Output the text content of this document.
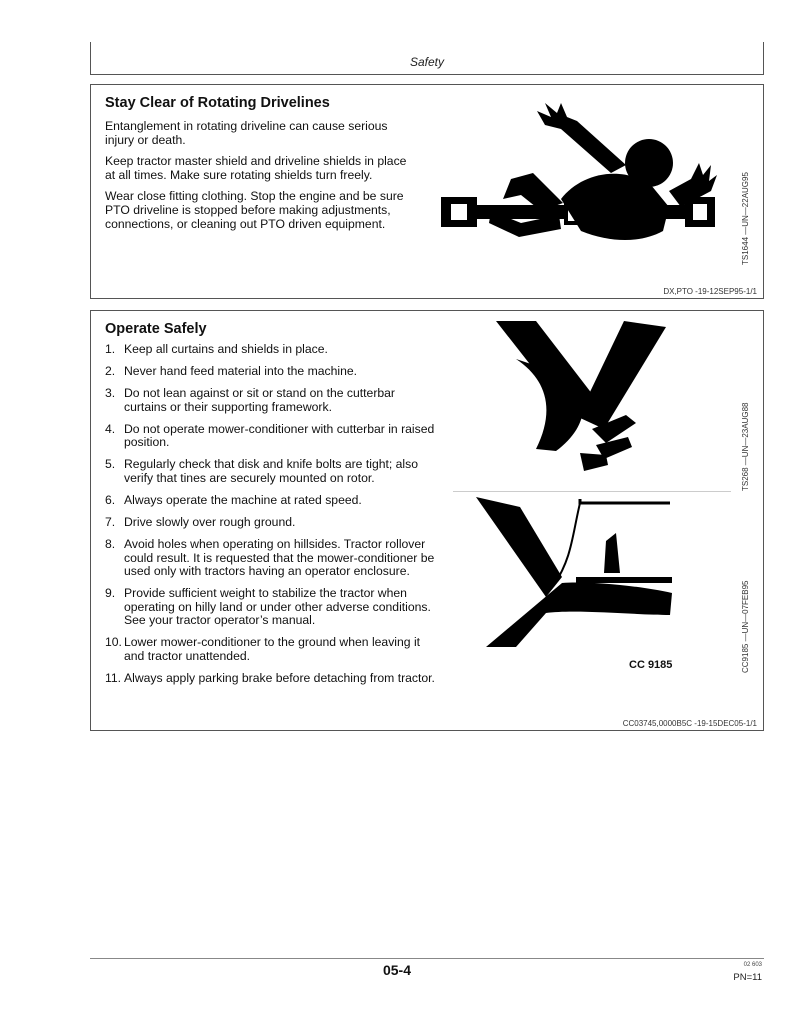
Safety
Stay Clear of Rotating Drivelines

Entanglement in rotating driveline can cause serious injury or death.

Keep tractor master shield and driveline shields in place at all times. Make sure rotating shields turn freely.

Wear close fitting clothing. Stop the engine and be sure PTO driveline is stopped before making adjustments, connections, or cleaning out PTO driven equipment.	TS1644 —UN—22AUG95
DX,PTO -19-12SEP95-1/1
Operate Safely
1. Keep all curtains and shields in place.
2. Never hand feed material into the machine.
3. Do not lean against or sit or stand on the cutterbar curtains or their supporting framework.
4. Do not operate mower-conditioner with cutterbar in raised position.
5. Regularly check that disk and knife bolts are tight; also verify that tines are securely mounted on rotor.
6. Always operate the machine at rated speed.
7. Drive slowly over rough ground.
8. Avoid holes when operating on hillsides. Tractor rollover could result. It is requested that the mower-conditioner be used only with tractors having an operator enclosure.
9. Provide sufficient weight to stabilize the tractor when operating on hilly land or under other adverse conditions. See your tractor operator’s manual.
10. Lower mower-conditioner to the ground when leaving it and tractor unattended.
11. Always apply parking brake before detaching from tractor.
CC 9185
TS268 —UN—23AUG88
CC9185 —UN—07FEB95
CC03745,0000B5C -19-15DEC05-1/1
05-4	02 603
PN=11
